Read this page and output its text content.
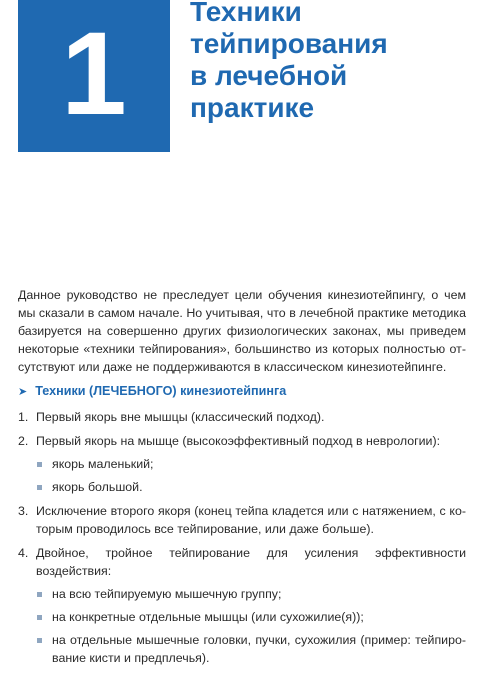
1 Техники
тейпирования
в лечебной
практике

Данное руководство не преследует цели обучения кинезиотейпингу, о чем мы сказали в самом начале. Но учитывая, что в лечебной практике методика базируется на совершенно других физиологических законах, мы приведем некоторые «техники тейпирования», большинство из которых полностью отсутствуют или даже не поддерживаются в классическом кинезиотейпинге.

➤ Техники (ЛЕЧЕБНОГО) кинезиотейпинга
1. Первый якорь вне мышцы (классический подход).
2. Первый якорь на мышце (высокоэффективный подход в неврологии):
якорь маленький;
якорь большой.
3. Исключение второго якоря (конец тейпа кладется или с натяжением, с которым проводилось все тейпирование, или даже больше).
4. Двойное, тройное тейпирование для усиления эффективности воздействия:
на всю тейпируемую мышечную группу;
на конкретные отдельные мышцы (или сухожилие(я));
на отдельные мышечные головки, пучки, сухожилия (пример: тейпирование кисти и предплечья).
